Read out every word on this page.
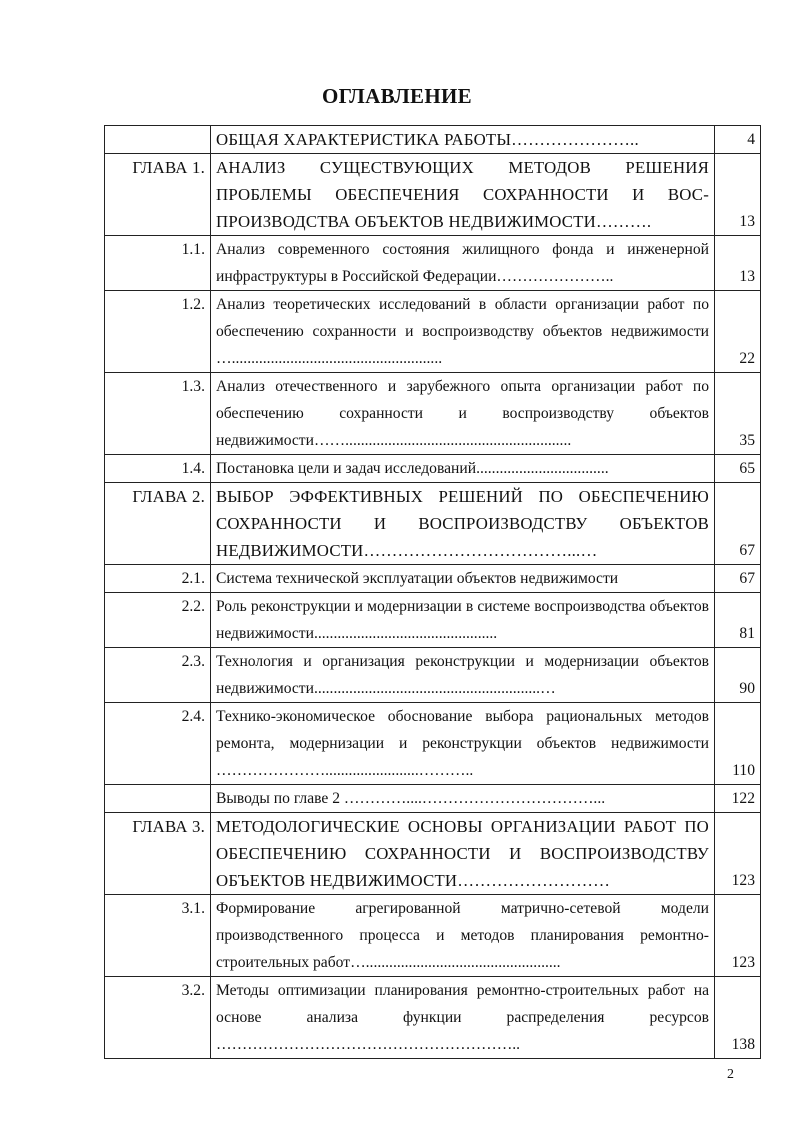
ОГЛАВЛЕНИЕ
	ОБЩАЯ ХАРАКТЕРИСТИКА РАБОТЫ…………………..	4
ГЛАВА 1.	АНАЛИЗ СУЩЕСТВУЮЩИХ МЕТОДОВ РЕШЕНИЯ ПРОБЛЕМЫ ОБЕСПЕЧЕНИЯ СОХРАННОСТИ И ВОС-ПРОИЗВОДСТВА ОБЪЕКТОВ НЕДВИЖИМОСТИ……….	13
1.1.	Анализ современного состояния жилищного фонда и инженерной инфраструктуры в Российской Федерации…………………..	13
1.2.	Анализ теоретических исследований в области организации работ по обеспечению сохранности и воспроизводству объектов недвижимости …......................................................	22
1.3.	Анализ отечественного и зарубежного опыта организации работ по обеспечению сохранности и воспроизводству объектов недвижимости……..........................................................	35
1.4.	Постановка цели и задач исследований..................................	65
ГЛАВА 2.	ВЫБОР ЭФФЕКТИВНЫХ РЕШЕНИЙ ПО ОБЕСПЕЧЕНИЮ СОХРАННОСТИ И ВОСПРОИЗВОДСТВУ ОБЪЕКТОВ НЕДВИЖИМОСТИ………………………………...…	67
2.1.	Система технической эксплуатации объектов недвижимости	67
2.2.	Роль реконструкции и модернизации в системе воспроизводства объектов недвижимости...............................................	81
2.3.	Технология и организация реконструкции и модернизации объектов недвижимости..........................................................…	90
2.4.	Технико-экономическое обоснование выбора рациональных методов ремонта, модернизации и реконструкции объектов недвижимости …………………........................………..	110
	Выводы по главе 2 …………....……………………………...	122
ГЛАВА 3.	МЕТОДОЛОГИЧЕСКИЕ ОСНОВЫ ОРГАНИЗАЦИИ РАБОТ ПО ОБЕСПЕЧЕНИЮ СОХРАННОСТИ И ВОСПРОИЗВОДСТВУ ОБЪЕКТОВ НЕДВИЖИМОСТИ………………………	123
3.1.	Формирование агрегированной матрично-сетевой модели производственного процесса и методов планирования ремонтно-строительных работ…..................................................	123
3.2.	Методы оптимизации планирования ремонтно-строительных работ на основе анализа функции распределения ресурсов …………………………………………………..	138
2
